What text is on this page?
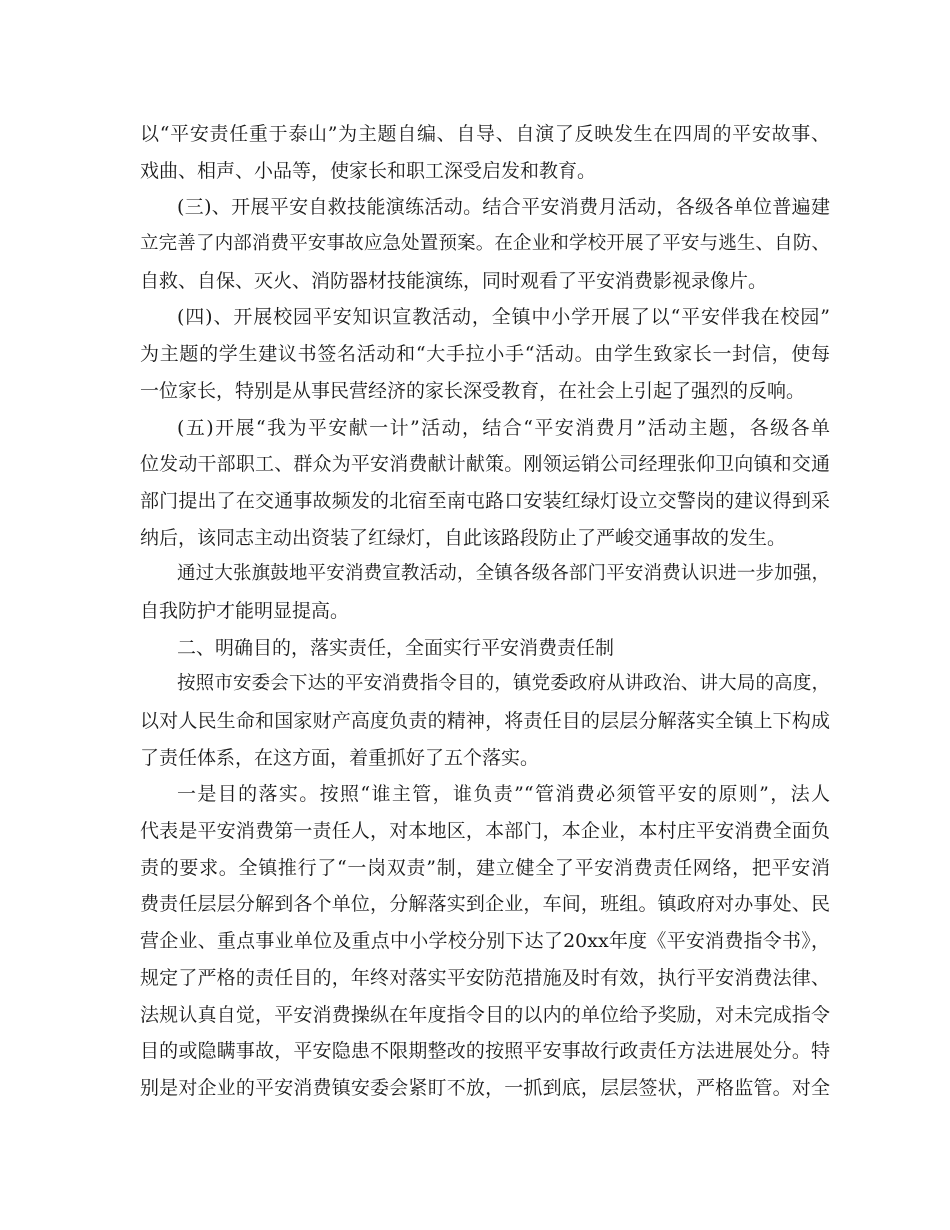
以“平安责任重于泰山”为主题自编、自导、自演了反映发生在四周的平安故事、
戏曲、相声、小品等，使家长和职工深受启发和教育。
(三)、开展平安自救技能演练活动。结合平安消费月活动，各级各单位普遍建
立完善了内部消费平安事故应急处置预案。在企业和学校开展了平安与逃生、自防、
自救、自保、灭火、消防器材技能演练，同时观看了平安消费影视录像片。
(四)、开展校园平安知识宣教活动，全镇中小学开展了以“平安伴我在校园”
为主题的学生建议书签名活动和“大手拉小手“活动。由学生致家长一封信，使每
一位家长，特别是从事民营经济的家长深受教育，在社会上引起了强烈的反响。
(五)开展“我为平安献一计”活动，结合“平安消费月”活动主题，各级各单
位发动干部职工、群众为平安消费献计献策。刚领运销公司经理张仰卫向镇和交通
部门提出了在交通事故频发的北宿至南屯路口安装红绿灯设立交警岗的建议得到采
纳后，该同志主动出资装了红绿灯，自此该路段防止了严峻交通事故的发生。
通过大张旗鼓地平安消费宣教活动，全镇各级各部门平安消费认识进一步加强，
自我防护才能明显提高。
二、明确目的，落实责任，全面实行平安消费责任制
按照市安委会下达的平安消费指令目的，镇党委政府从讲政治、讲大局的高度，
以对人民生命和国家财产高度负责的精神，将责任目的层层分解落实全镇上下构成
了责任体系，在这方面，着重抓好了五个落实。
一是目的落实。按照“谁主管，谁负责”“管消费必须管平安的原则”，法人
代表是平安消费第一责任人，对本地区，本部门，本企业，本村庄平安消费全面负
责的要求。全镇推行了“一岗双责”制，建立健全了平安消费责任网络，把平安消
费责任层层分解到各个单位，分解落实到企业，车间，班组。镇政府对办事处、民
营企业、重点事业单位及重点中小学校分别下达了20xx年度《平安消费指令书》，
规定了严格的责任目的，年终对落实平安防范措施及时有效，执行平安消费法律、
法规认真自觉，平安消费操纵在年度指令目的以内的单位给予奖励，对未完成指令
目的或隐瞒事故，平安隐患不限期整改的按照平安事故行政责任方法进展处分。特
别是对企业的平安消费镇安委会紧盯不放，一抓到底，层层签状，严格监管。对全
